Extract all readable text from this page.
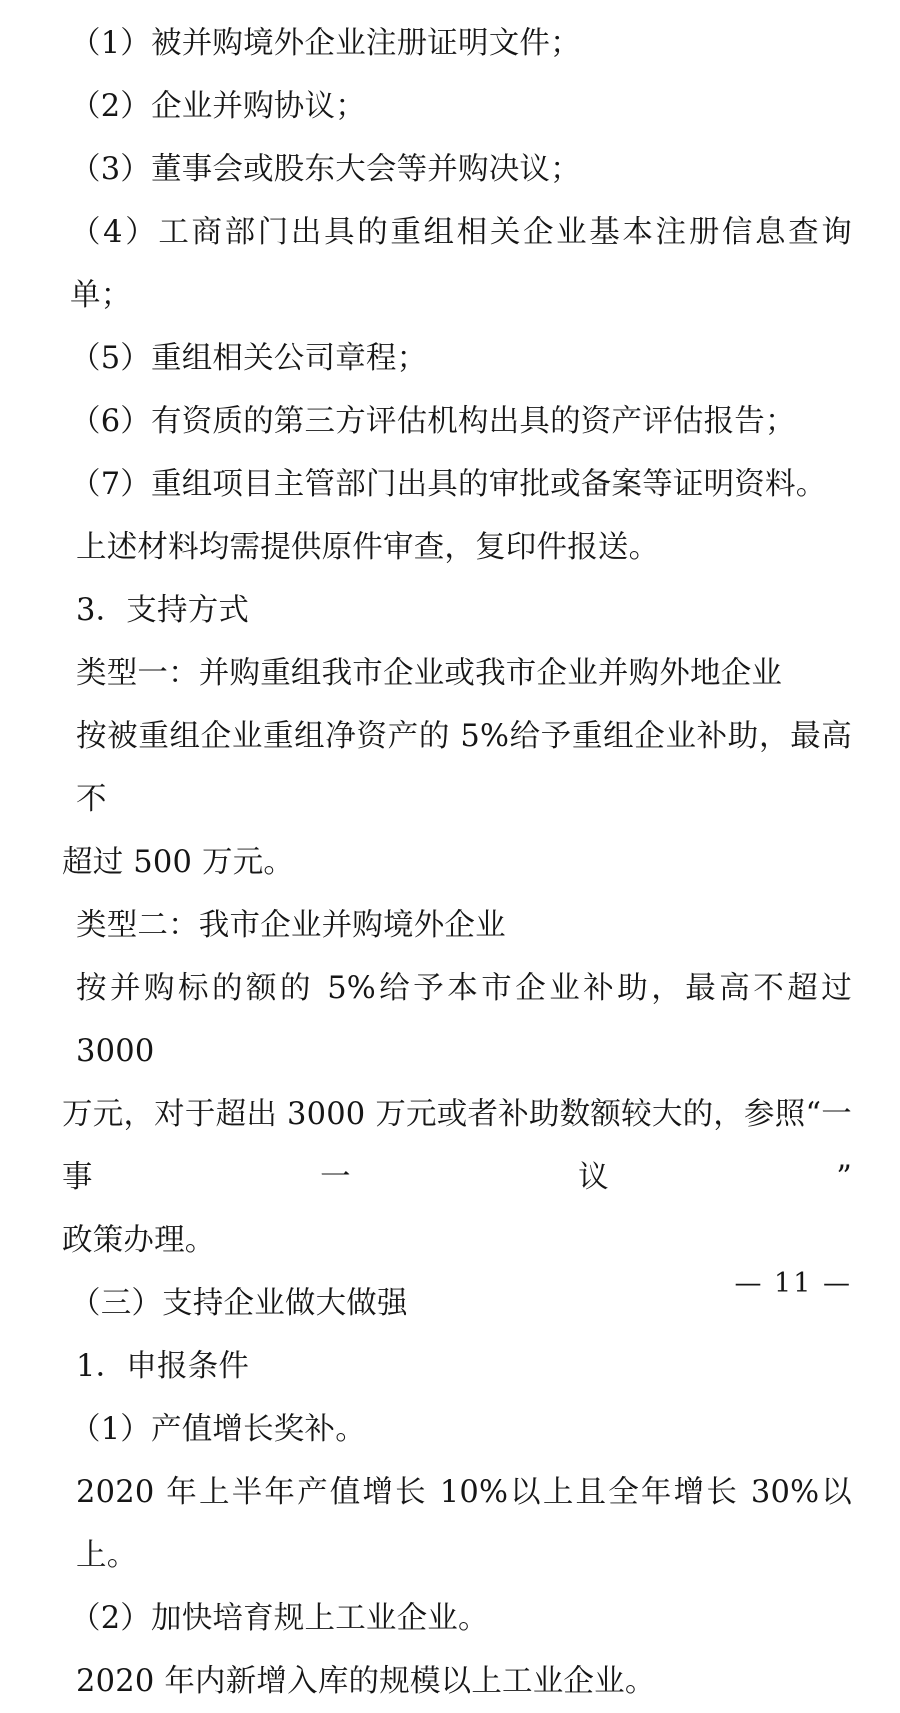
（1）被并购境外企业注册证明文件；

（2）企业并购协议；

（3）董事会或股东大会等并购决议；

（4）工商部门出具的重组相关企业基本注册信息查询单；

（5）重组相关公司章程；

（6）有资质的第三方评估机构出具的资产评估报告；

（7）重组项目主管部门出具的审批或备案等证明资料。

上述材料均需提供原件审查，复印件报送。

3．支持方式

类型一：并购重组我市企业或我市企业并购外地企业

按被重组企业重组净资产的 5%给予重组企业补助，最高不

超过 500 万元。

类型二：我市企业并购境外企业

按并购标的额的 5%给予本市企业补助，最高不超过 3000

万元，对于超出 3000 万元或者补助数额较大的，参照“一事一议”

政策办理。

（三）支持企业做大做强

1．申报条件

（1）产值增长奖补。

2020 年上半年产值增长 10%以上且全年增长 30%以上。

（2）加快培育规上工业企业。

2020 年内新增入库的规模以上工业企业。

— 11 —
